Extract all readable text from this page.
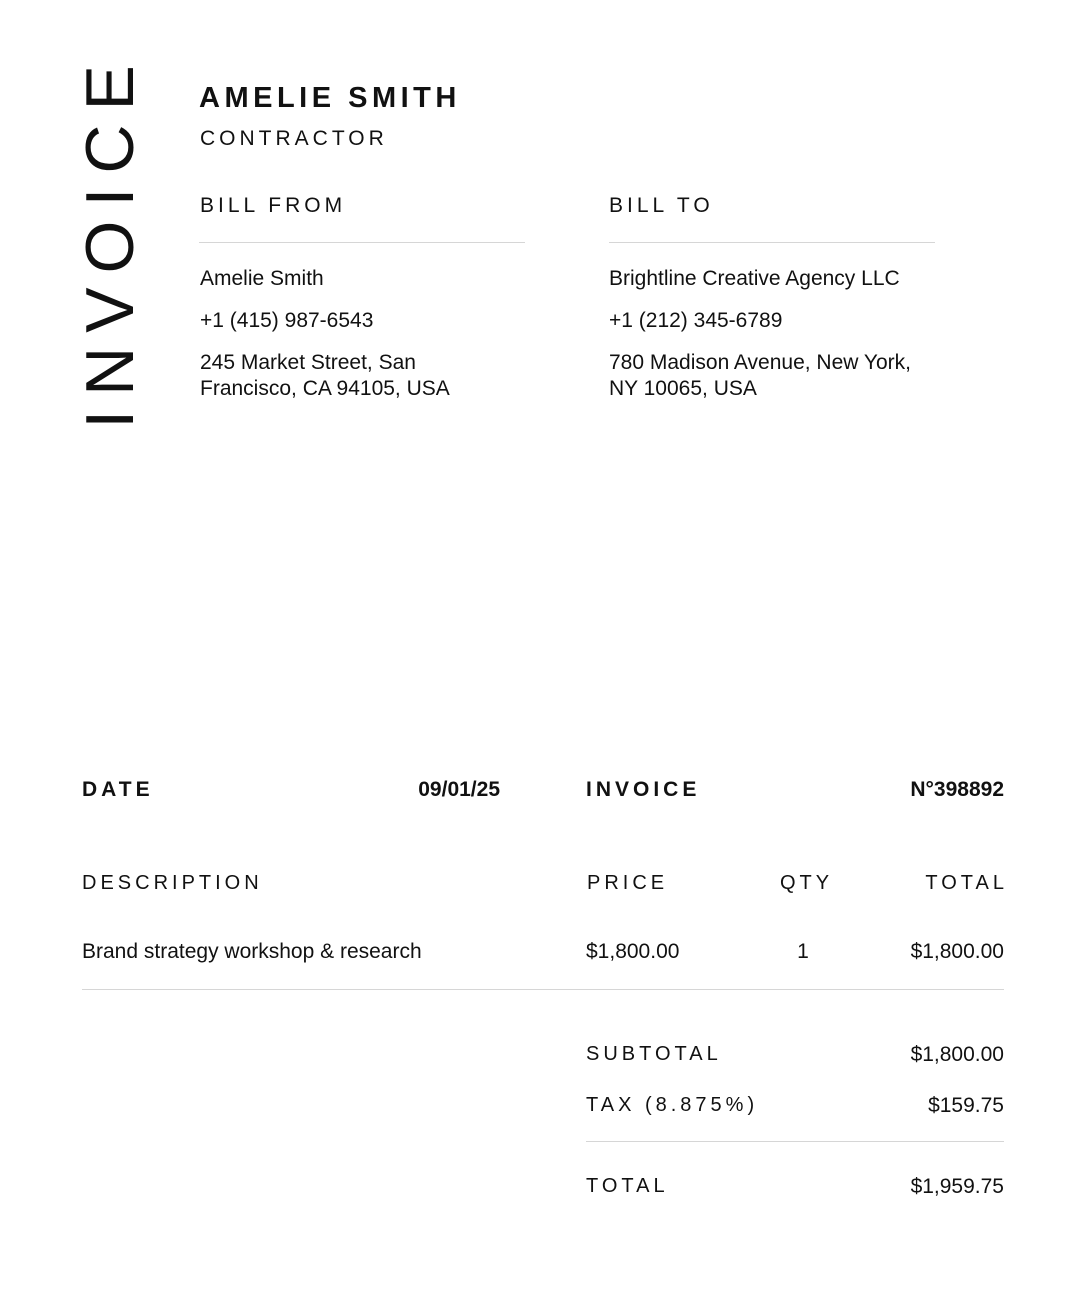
INVOICE AMELIE SMITH
CONTRACTOR
BILL FROM
Amelie Smith
+1 (415) 987-6543
245 Market Street, San
Francisco, CA 94105, USA
BILL TO
Brightline Creative Agency LLC
+1 (212) 345-6789
780 Madison Avenue, New York,
NY 10065, USA
DATE	09/01/25	INVOICE	N°398892
DESCRIPTION	PRICE	QTY	TOTAL
Brand strategy workshop & research	$1,800.00	1	$1,800.00
SUBTOTAL	$1,800.00
TAX (8.875%)	$159.75
TOTAL	$1,959.75
